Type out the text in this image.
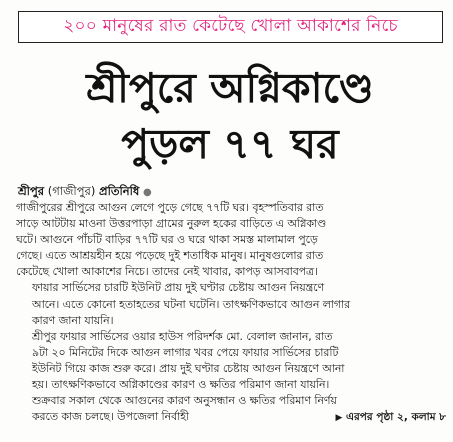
২০০ মানুষের রাত কেটেছে খোলা আকাশের নিচে
শ্রীপুরে অগ্নিকাণ্ডে
পুড়ল ৭৭ ঘর
শ্রীপুর (গাজীপুর) প্রতিনিধি ●

গাজীপুরের শ্রীপুরে আগুন লেগে পুড়ে গেছে ৭৭টি ঘর। বৃহস্পতিবার রাত
সাড়ে আটটায় মাওনা উত্তরপাড়া গ্রামের নুরুল হকের বাড়িতে এ অগ্নিকাণ্ড
ঘটে। আগুনে পাঁচটি বাড়ির ৭৭টি ঘর ও ঘরে থাকা সমস্ত মালামাল পুড়ে
গেছে। এতে আশ্রয়হীন হয়ে পড়েছে দুই শতাধিক মানুষ। মানুষগুলোর রাত
কেটেছে খোলা আকাশের নিচে। তাদের নেই খাবার, কাপড় আসবাবপত্র।

ফায়ার সার্ভিসের চারটি ইউনিট প্রায় দুই ঘণ্টার চেষ্টায় আগুন নিয়ন্ত্রণে
আনে। এতে কোনো হতাহতের ঘটনা ঘটেনি। তাৎক্ষণিকভাবে আগুন লাগার
কারণ জানা যায়নি।

শ্রীপুর ফায়ার সার্ভিসের ওয়ার হাউস পরিদর্শক মো. বেলাল জানান, রাত
৯টা ২০ মিনিটের দিকে আগুন লাগার খবর পেয়ে ফায়ার সার্ভিসের চারটি
ইউনিট গিয়ে কাজ শুরু করে। প্রায় দুই ঘণ্টার চেষ্টায় আগুন নিয়ন্ত্রণে আনা
হয়। তাৎক্ষণিকভাবে অগ্নিকাণ্ডের কারণ ও ক্ষতির পরিমাণ জানা যায়নি।
শুক্রবার সকাল থেকে আগুনের কারণ অনুসন্ধান ও ক্ষতির পরিমাণ নির্ণয়
করতে কাজ চলছে। উপজেলা নির্বাহী	▶ এরপর পৃষ্ঠা ২, কলাম ৮
